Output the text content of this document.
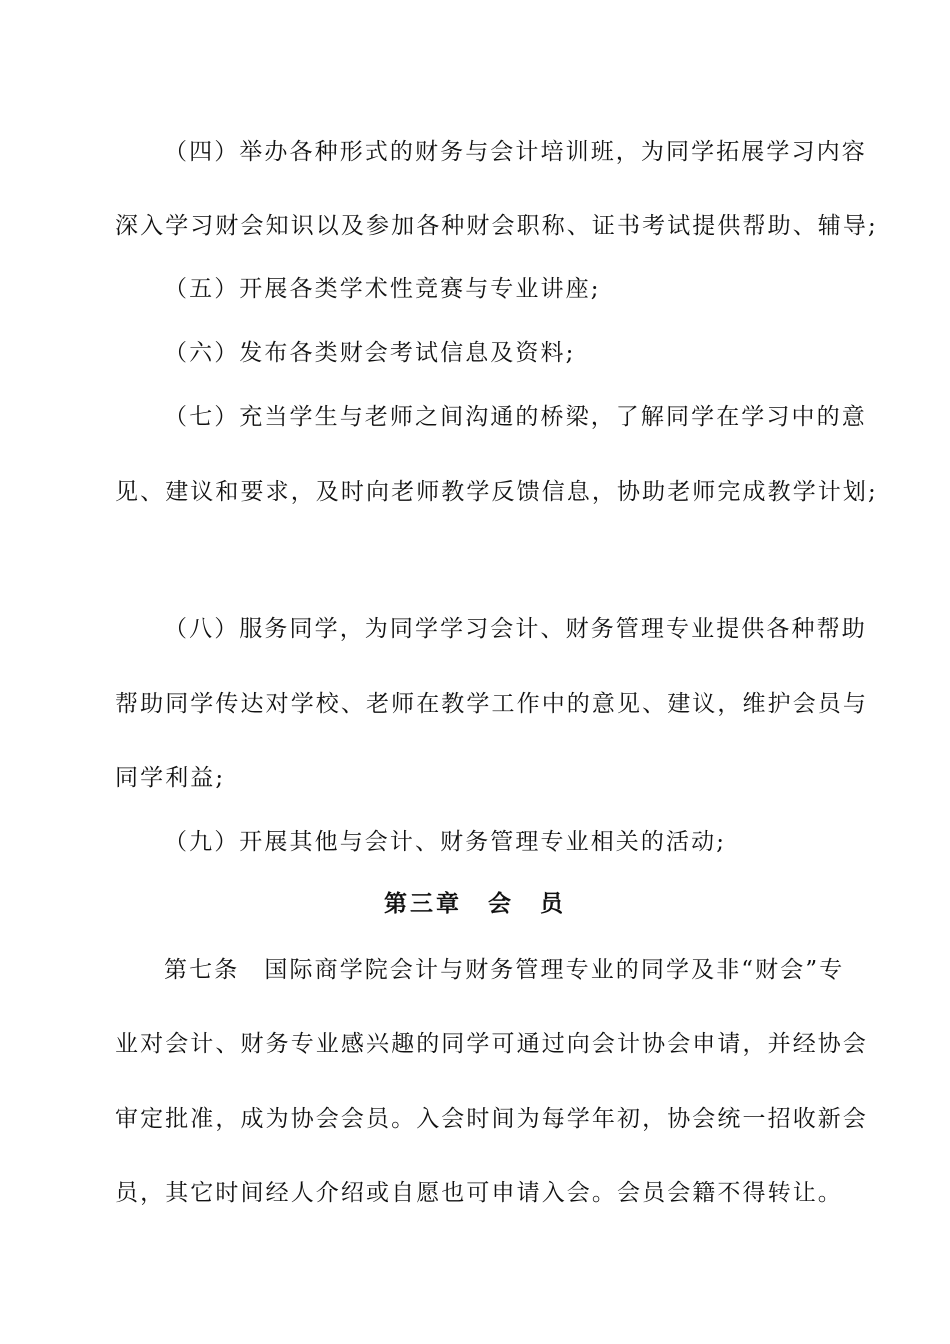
（四）举办各种形式的财务与会计培训班，为同学拓展学习内容
深入学习财会知识以及参加各种财会职称、证书考试提供帮助、辅导;
（五）开展各类学术性竞赛与专业讲座;
（六）发布各类财会考试信息及资料;
（七）充当学生与老师之间沟通的桥梁，了解同学在学习中的意
见、建议和要求，及时向老师教学反馈信息，协助老师完成教学计划;
（八）服务同学，为同学学习会计、财务管理专业提供各种帮助
帮助同学传达对学校、老师在教学工作中的意见、建议，维护会员与
同学利益;
（九）开展其他与会计、财务管理专业相关的活动;
第三章　会　员
第七条　国际商学院会计与财务管理专业的同学及非“财会”专
业对会计、财务专业感兴趣的同学可通过向会计协会申请，并经协会
审定批准，成为协会会员。入会时间为每学年初，协会统一招收新会
员，其它时间经人介绍或自愿也可申请入会。会员会籍不得转让。
